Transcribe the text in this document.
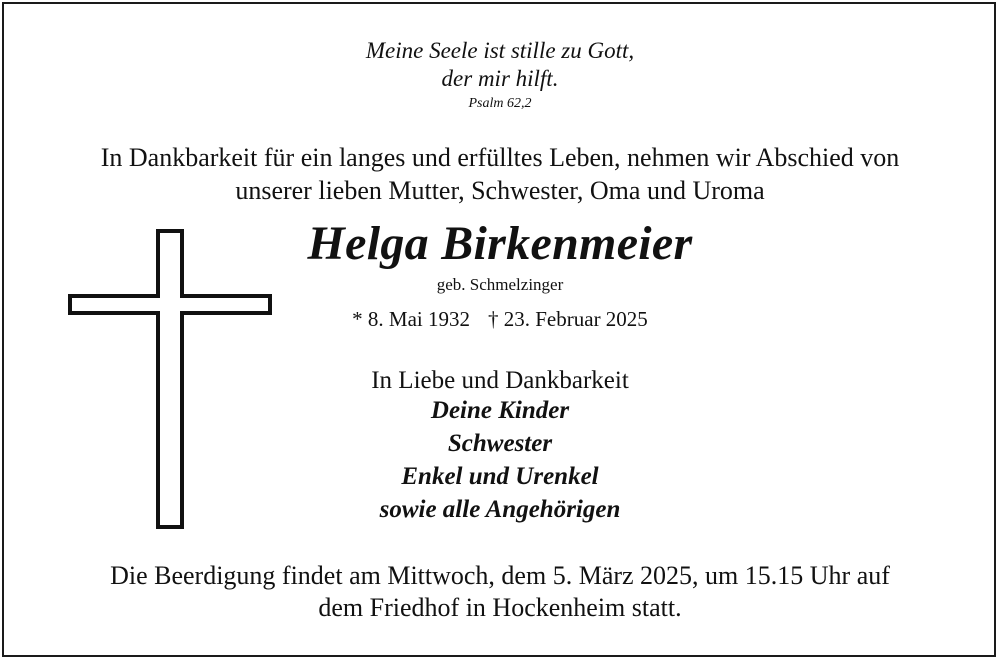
Meine Seele ist stille zu Gott,
der mir hilft.
Psalm 62,2
In Dankbarkeit für ein langes und erfülltes Leben, nehmen wir Abschied von
unserer lieben Mutter, Schwester, Oma und Uroma
Helga Birkenmeier
geb. Schmelzinger
* 8. Mai 1932 † 23. Februar 2025
In Liebe und Dankbarkeit
Deine Kinder
Schwester
Enkel und Urenkel
sowie alle Angehörigen
Die Beerdigung findet am Mittwoch, dem 5. März 2025, um 15.15 Uhr auf
dem Friedhof in Hockenheim statt.
